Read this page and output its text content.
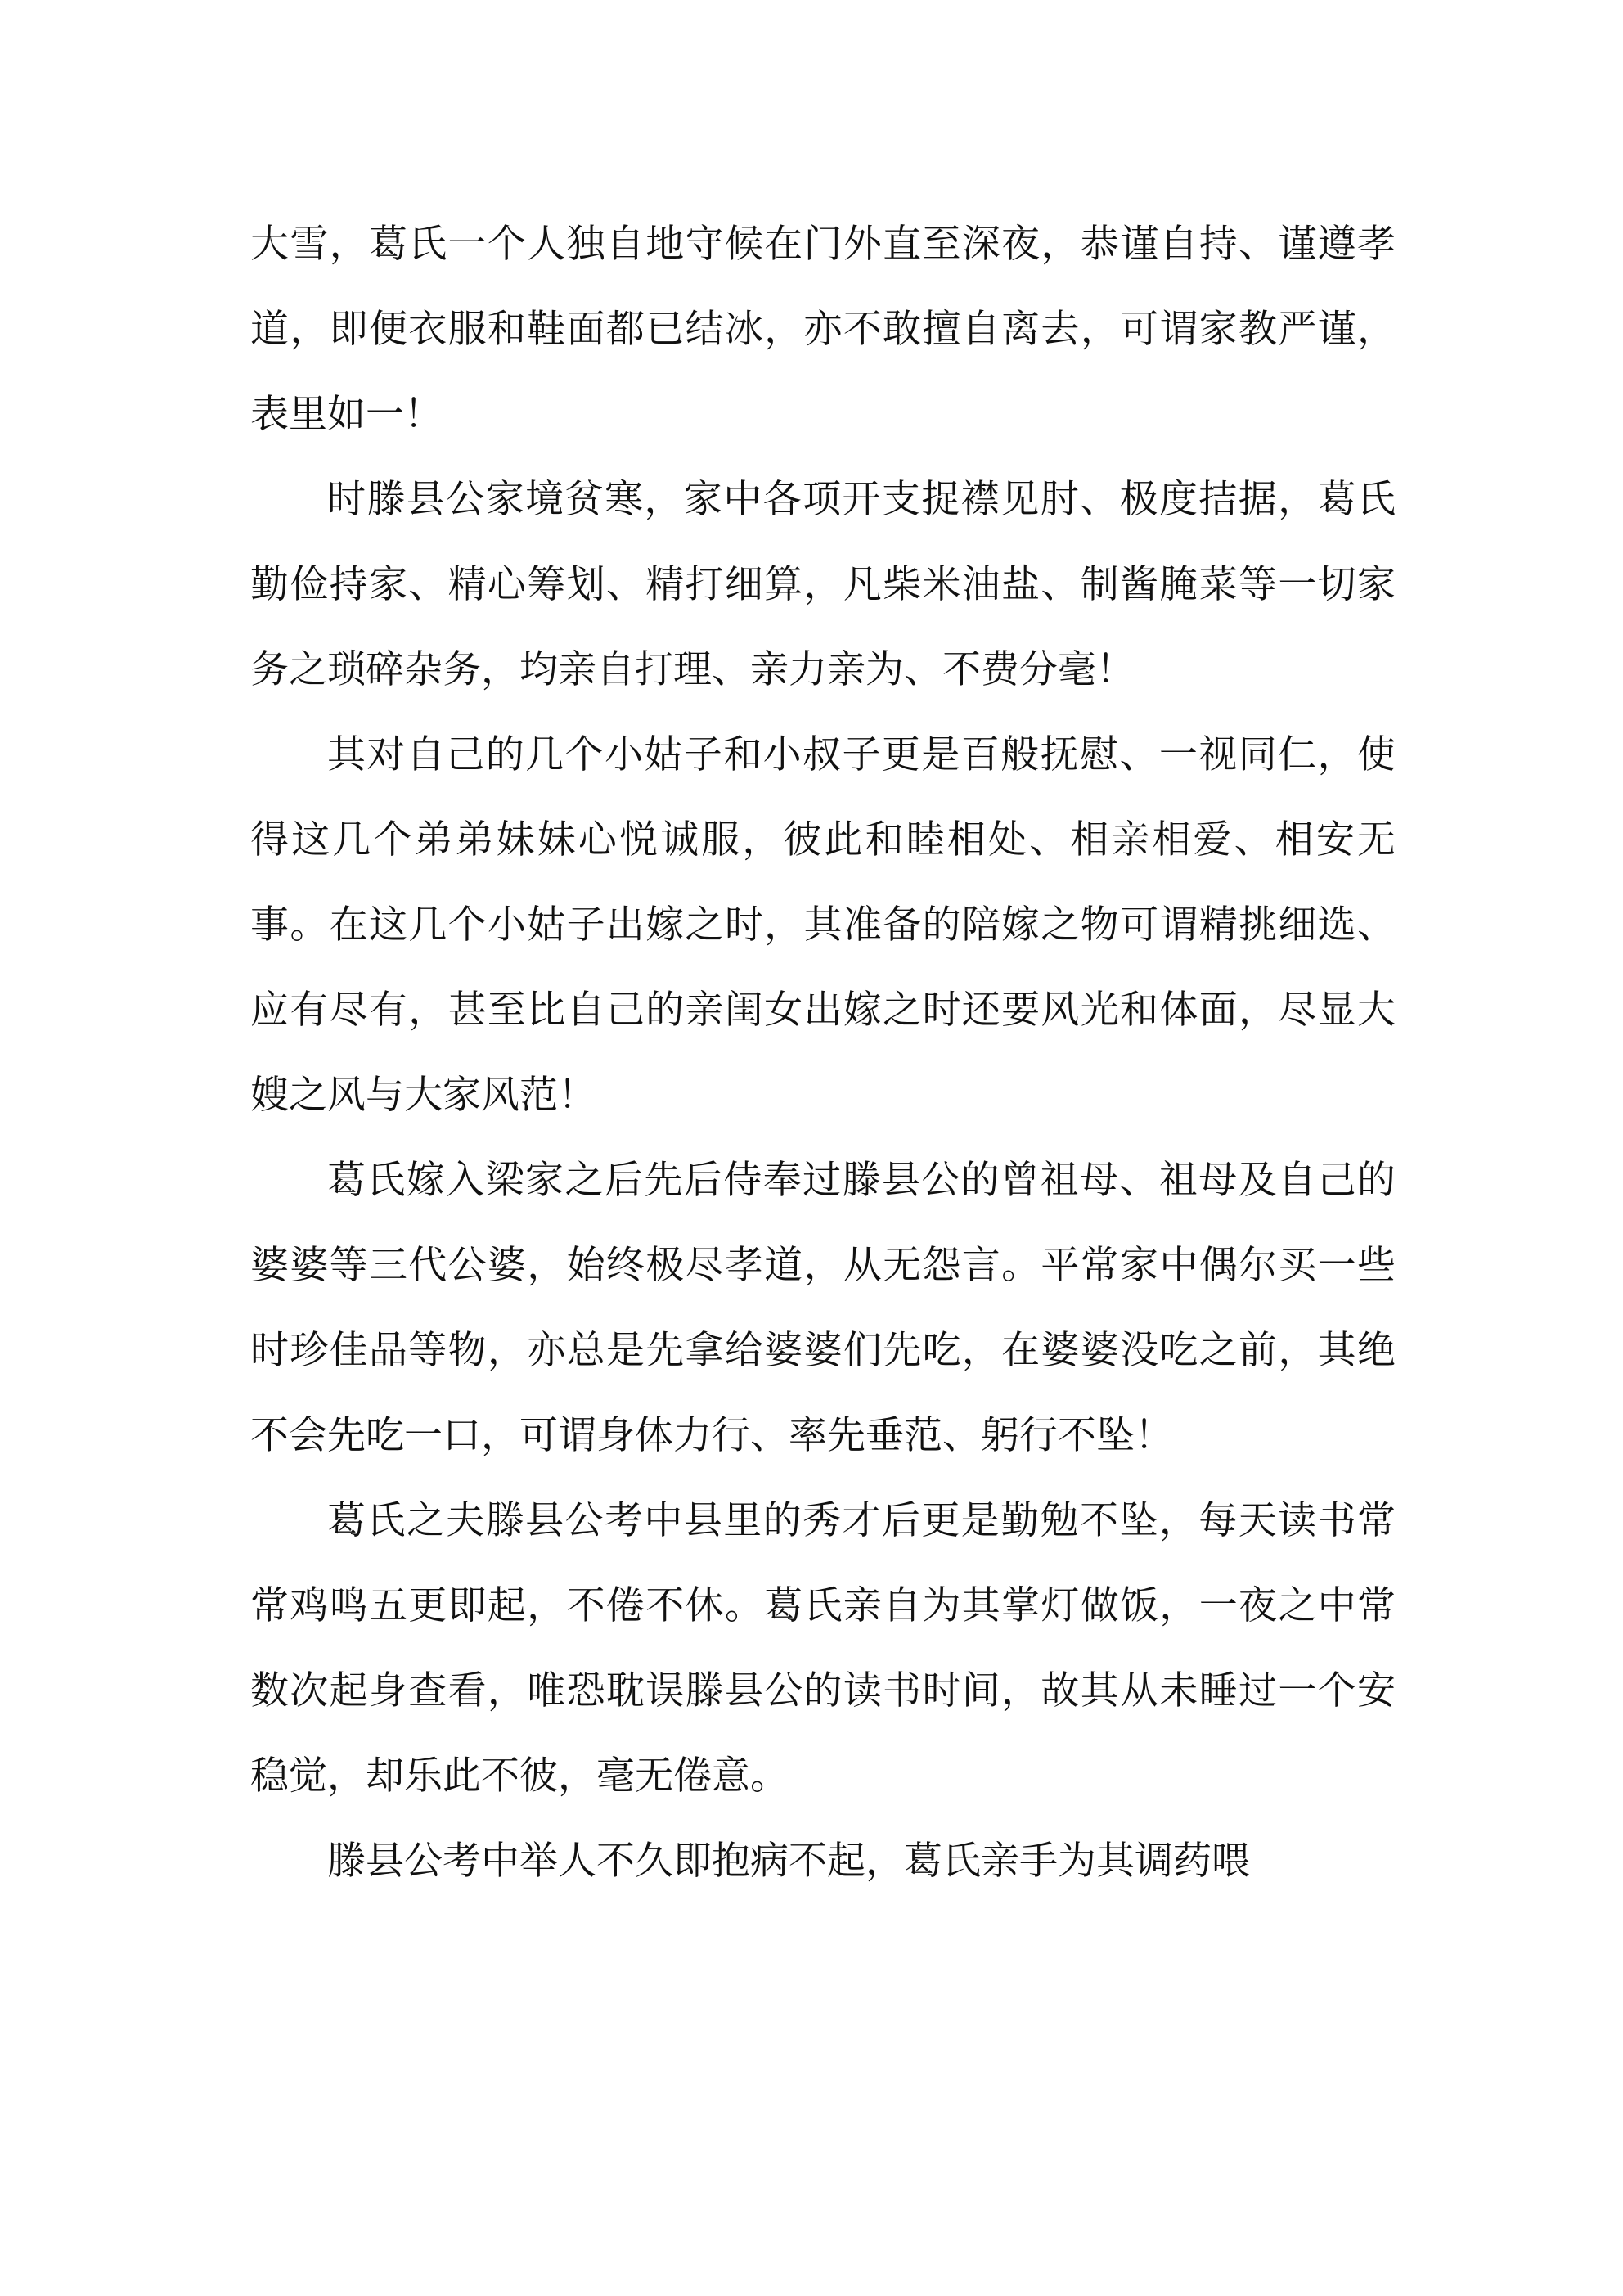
大雪，葛氏一个人独自地守候在门外直至深夜，恭谨自持、谨遵孝道，即便衣服和鞋面都已结冰，亦不敢擅自离去，可谓家教严谨，表里如一！

时滕县公家境贫寒，家中各项开支捉襟见肘、极度拮据，葛氏勤俭持家、精心筹划、精打细算，凡柴米油盐、制酱腌菜等一切家务之琐碎杂务，均亲自打理、亲力亲为、不费分毫！

其对自己的几个小姑子和小叔子更是百般抚慰、一视同仁，使得这几个弟弟妹妹心悦诚服，彼此和睦相处、相亲相爱、相安无事。在这几个小姑子出嫁之时，其准备的陪嫁之物可谓精挑细选、应有尽有，甚至比自己的亲闺女出嫁之时还要风光和体面，尽显大嫂之风与大家风范！

葛氏嫁入梁家之后先后侍奉过滕县公的曾祖母、祖母及自己的婆婆等三代公婆，始终极尽孝道，从无怨言。平常家中偶尔买一些时珍佳品等物，亦总是先拿给婆婆们先吃，在婆婆没吃之前，其绝不会先吃一口，可谓身体力行、率先垂范、躬行不坠！

葛氏之夫滕县公考中县里的秀才后更是勤勉不坠，每天读书常常鸡鸣五更即起，不倦不休。葛氏亲自为其掌灯做饭，一夜之中常数次起身查看，唯恐耽误滕县公的读书时间，故其从未睡过一个安稳觉，却乐此不彼，毫无倦意。

滕县公考中举人不久即抱病不起，葛氏亲手为其调药喂
